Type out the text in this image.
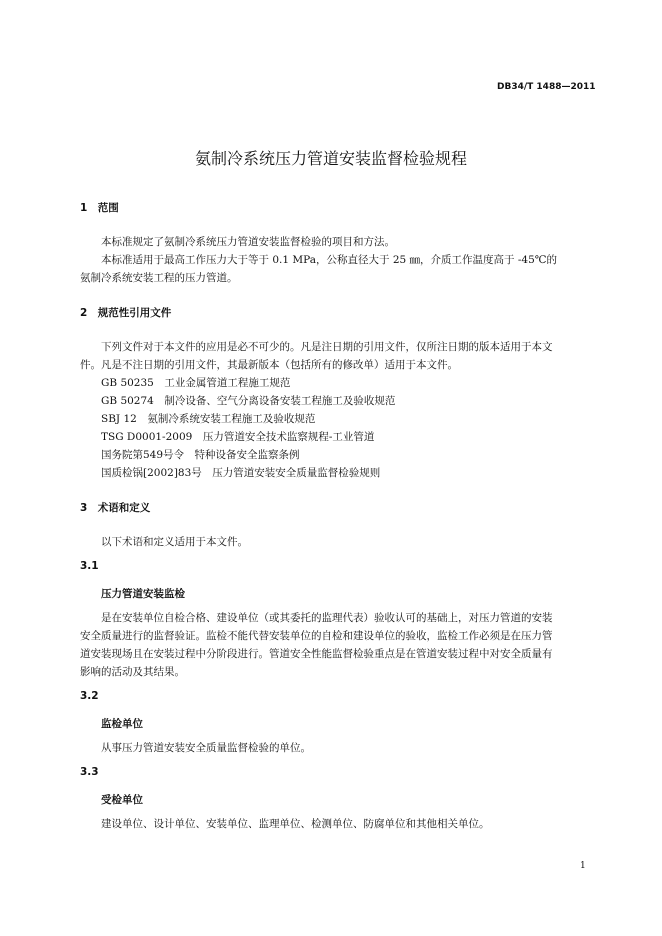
DB34/T 1488—2011
氨制冷系统压力管道安装监督检验规程
1　范围
本标准规定了氨制冷系统压力管道安装监督检验的项目和方法。
本标准适用于最高工作压力大于等于 0.1 MPa，公称直径大于 25 ㎜，介质工作温度高于 -45℃的
氨制冷系统安装工程的压力管道。
2　规范性引用文件
下列文件对于本文件的应用是必不可少的。凡是注日期的引用文件，仅所注日期的版本适用于本文
件。凡是不注日期的引用文件，其最新版本（包括所有的修改单）适用于本文件。
GB 50235　工业金属管道工程施工规范
GB 50274　制冷设备、空气分离设备安装工程施工及验收规范
SBJ 12　氨制冷系统安装工程施工及验收规范
TSG D0001-2009　压力管道安全技术监察规程-工业管道
国务院第549号令　特种设备安全监察条例
国质检锅[2002]83号　压力管道安装安全质量监督检验规则
3　术语和定义
以下术语和定义适用于本文件。
3.1
压力管道安装监检
是在安装单位自检合格、建设单位（或其委托的监理代表）验收认可的基础上，对压力管道的安装
安全质量进行的监督验证。监检不能代替安装单位的自检和建设单位的验收，监检工作必须是在压力管
道安装现场且在安装过程中分阶段进行。管道安全性能监督检验重点是在管道安装过程中对安全质量有
影响的活动及其结果。
3.2
监检单位
从事压力管道安装安全质量监督检验的单位。
3.3
受检单位
建设单位、设计单位、安装单位、监理单位、检测单位、防腐单位和其他相关单位。
1
